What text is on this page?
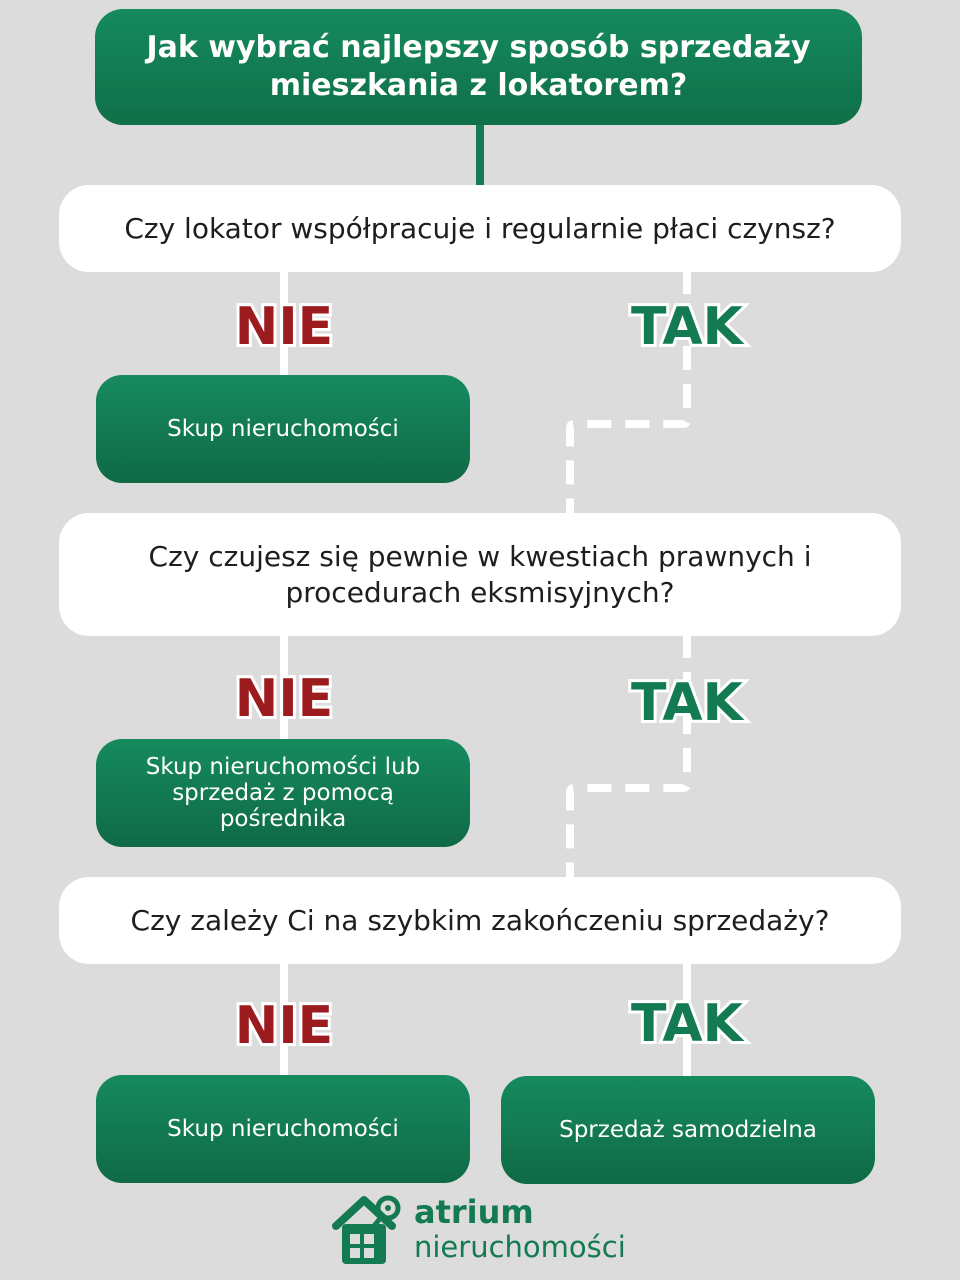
Jak wybrać najlepszy sposób sprzedaży mieszkania z lokatorem?
Czy lokator współpracuje i regularnie płaci czynsz?
NIE	TAK
Skup nieruchomości
Czy czujesz się pewnie w kwestiach prawnych i procedurach eksmisyjnych?
NIE	TAK
Skup nieruchomości lub sprzedaż z pomocą pośrednika
Czy zależy Ci na szybkim zakończeniu sprzedaży?
NIE	TAK
Skup nieruchomości	Sprzedaż samodzielna
atrium
nieruchomości
